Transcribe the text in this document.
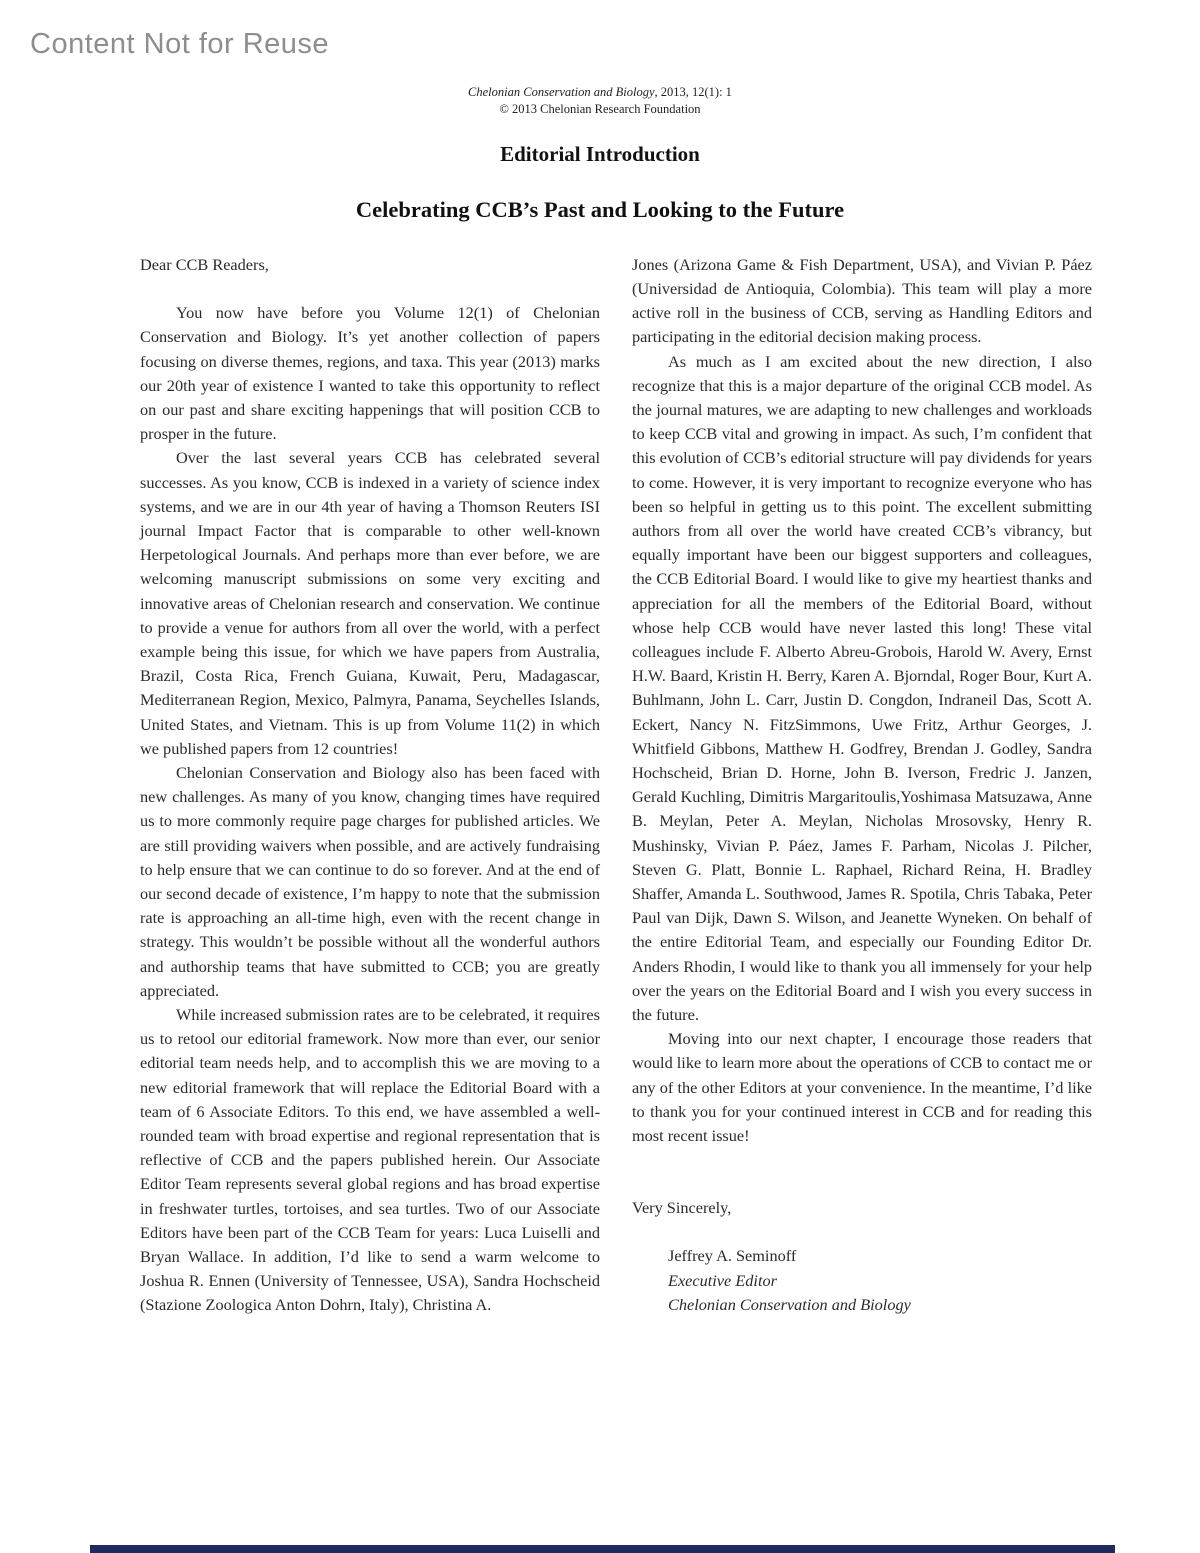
Content Not for Reuse
Chelonian Conservation and Biology, 2013, 12(1): 1
© 2013 Chelonian Research Foundation
Editorial Introduction
Celebrating CCB’s Past and Looking to the Future

Dear CCB Readers,

You now have before you Volume 12(1) of Chelonian Conservation and Biology. It’s yet another collection of papers focusing on diverse themes, regions, and taxa. This year (2013) marks our 20th year of existence I wanted to take this opportunity to reflect on our past and share exciting happenings that will position CCB to prosper in the future.

Over the last several years CCB has celebrated several successes. As you know, CCB is indexed in a variety of science index systems, and we are in our 4th year of having a Thomson Reuters ISI journal Impact Factor that is comparable to other well-known Herpetological Journals. And perhaps more than ever before, we are welcoming manuscript submissions on some very exciting and innovative areas of Chelonian research and conservation. We continue to provide a venue for authors from all over the world, with a perfect example being this issue, for which we have papers from Australia, Brazil, Costa Rica, French Guiana, Kuwait, Peru, Madagascar, Mediterranean Region, Mexico, Palmyra, Panama, Seychelles Islands, United States, and Vietnam. This is up from Volume 11(2) in which we published papers from 12 countries!

Chelonian Conservation and Biology also has been faced with new challenges. As many of you know, changing times have required us to more commonly require page charges for published articles. We are still providing waivers when possible, and are actively fundraising to help ensure that we can continue to do so forever. And at the end of our second decade of existence, I’m happy to note that the submission rate is approaching an all-time high, even with the recent change in strategy. This wouldn’t be possible without all the wonderful authors and authorship teams that have submitted to CCB; you are greatly appreciated.

While increased submission rates are to be celebrated, it requires us to retool our editorial framework. Now more than ever, our senior editorial team needs help, and to accomplish this we are moving to a new editorial framework that will replace the Editorial Board with a team of 6 Associate Editors. To this end, we have assembled a well-rounded team with broad expertise and regional representation that is reflective of CCB and the papers published herein. Our Associate Editor Team represents several global regions and has broad expertise in freshwater turtles, tortoises, and sea turtles. Two of our Associate Editors have been part of the CCB Team for years: Luca Luiselli and Bryan Wallace. In addition, I’d like to send a warm welcome to Joshua R. Ennen (University of Tennessee, USA), Sandra Hochscheid (Stazione Zoologica Anton Dohrn, Italy), Christina A.

Jones (Arizona Game & Fish Department, USA), and Vivian P. Páez (Universidad de Antioquia, Colombia). This team will play a more active roll in the business of CCB, serving as Handling Editors and participating in the editorial decision making process.

As much as I am excited about the new direction, I also recognize that this is a major departure of the original CCB model. As the journal matures, we are adapting to new challenges and workloads to keep CCB vital and growing in impact. As such, I’m confident that this evolution of CCB’s editorial structure will pay dividends for years to come. However, it is very important to recognize everyone who has been so helpful in getting us to this point. The excellent submitting authors from all over the world have created CCB’s vibrancy, but equally important have been our biggest supporters and colleagues, the CCB Editorial Board. I would like to give my heartiest thanks and appreciation for all the members of the Editorial Board, without whose help CCB would have never lasted this long! These vital colleagues include F. Alberto Abreu-Grobois, Harold W. Avery, Ernst H.W. Baard, Kristin H. Berry, Karen A. Bjorndal, Roger Bour, Kurt A. Buhlmann, John L. Carr, Justin D. Congdon, Indraneil Das, Scott A. Eckert, Nancy N. FitzSimmons, Uwe Fritz, Arthur Georges, J. Whitfield Gibbons, Matthew H. Godfrey, Brendan J. Godley, Sandra Hochscheid, Brian D. Horne, John B. Iverson, Fredric J. Janzen, Gerald Kuchling, Dimitris Margaritoulis,Yoshimasa Matsuzawa, Anne B. Meylan, Peter A. Meylan, Nicholas Mrosovsky, Henry R. Mushinsky, Vivian P. Páez, James F. Parham, Nicolas J. Pilcher, Steven G. Platt, Bonnie L. Raphael, Richard Reina, H. Bradley Shaffer, Amanda L. Southwood, James R. Spotila, Chris Tabaka, Peter Paul van Dijk, Dawn S. Wilson, and Jeanette Wyneken. On behalf of the entire Editorial Team, and especially our Founding Editor Dr. Anders Rhodin, I would like to thank you all immensely for your help over the years on the Editorial Board and I wish you every success in the future.

Moving into our next chapter, I encourage those readers that would like to learn more about the operations of CCB to contact me or any of the other Editors at your convenience. In the meantime, I’d like to thank you for your continued interest in CCB and for reading this most recent issue!

Very Sincerely,

Jeffrey A. Seminoff

Executive Editor

Chelonian Conservation and Biology
